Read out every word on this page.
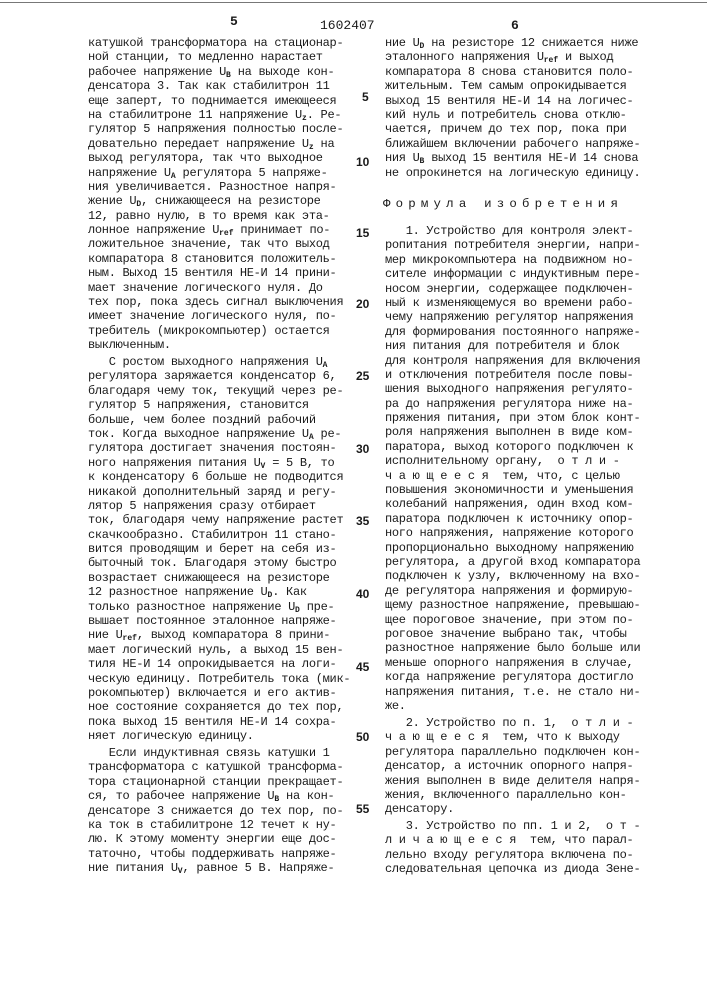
5	1602407	6
катушкой трансформатора на стационар-
ной станции, то медленно нарастает
рабочее напряжение UB на выходе кон-
денсатора 3. Так как стабилитрон 11
еще заперт, то поднимается имеющееся
на стабилитроне 11 напряжение Uz. Ре-
гулятор 5 напряжения полностью после-
довательно передает напряжение Uz на
выход регулятора, так что выходное
напряжение UA регулятора 5 напряже-
ния увеличивается. Разностное напря-
жение UD, снижающееся на резисторе
12, равно нулю, в то время как эта-
лонное напряжение Uref принимает по-
ложительное значение, так что выход
компаратора 8 становится положитель-
ным. Выход 15 вентиля НЕ-И 14 прини-
мает значение логического нуля. До
тех пор, пока здесь сигнал выключения
имеет значение логического нуля, по-
требитель (микрокомпьютер) остается
выключенным.
С ростом выходного напряжения UA
регулятора заряжается конденсатор 6,
благодаря чему ток, текущий через ре-
гулятор 5 напряжения, становится
больше, чем более поздний рабочий
ток. Когда выходное напряжение UA ре-
гулятора достигает значения постоян-
ного напряжения питания UV = 5 В, то
к конденсатору 6 больше не подводится
никакой дополнительный заряд и регу-
лятор 5 напряжения сразу отбирает
ток, благодаря чему напряжение растет
скачкообразно. Стабилитрон 11 стано-
вится проводящим и берет на себя из-
быточный ток. Благодаря этому быстро
возрастает снижающееся на резисторе
12 разностное напряжение UD. Как
только разностное напряжение UD пре-
вышает постоянное эталонное напряже-
ние Uref, выход компаратора 8 прини-
мает логический нуль, а выход 15 вен-
тиля НЕ-И 14 опрокидывается на логи-
ческую единицу. Потребитель тока (мик-
рокомпьютер) включается и его актив-
ное состояние сохраняется до тех пор,
пока выход 15 вентиля НЕ-И 14 сохра-
няет логическую единицу.
Если индуктивная связь катушки 1
трансформатора с катушкой трансформа-
тора стационарной станции прекращает-
ся, то рабочее напряжение UB на кон-
денсаторе 3 снижается до тех пор, по-
ка ток в стабилитроне 12 течет к ну-
лю. К этому моменту энергии еще дос-
таточно, чтобы поддерживать напряже-
ние питания UV, равное 5 В. Напряже-
ние UD на резисторе 12 снижается ниже
эталонного напряжения Uref и выход
компаратора 8 снова становится поло-
жительным. Тем самым опрокидывается
выход 15 вентиля НЕ-И 14 на логичес-
кий нуль и потребитель снова отклю-
чается, причем до тех пор, пока при
ближайшем включении рабочего напряже-
ния UB выход 15 вентиля НЕ-И 14 снова
не опрокинется на логическую единицу.
Формула изобретения
1. Устройство для контроля элект-
ропитания потребителя энергии, напри-
мер микрокомпьютера на подвижном но-
сителе информации с индуктивным пере-
носом энергии, содержащее подключен-
ный к изменяющемуся во времени рабо-
чему напряжению регулятор напряжения
для формирования постоянного напряже-
ния питания для потребителя и блок
для контроля напряжения для включения
и отключения потребителя после повы-
шения выходного напряжения регулято-
ра до напряжения регулятора ниже на-
пряжения питания, при этом блок конт-
роля напряжения выполнен в виде ком-
паратора, выход которого подключен к
исполнительному органу,  о т л и -
ч а ю щ е е с я  тем, что, с целью
повышения экономичности и уменьшения
колебаний напряжения, один вход ком-
паратора подключен к источнику опор-
ного напряжения, напряжение которого
пропорционально выходному напряжению
регулятора, а другой вход компаратора
подключен к узлу, включенному на вхо-
де регулятора напряжения и формирую-
щему разностное напряжение, превышаю-
щее пороговое значение, при этом по-
роговое значение выбрано так, чтобы
разностное напряжение было больше или
меньше опорного напряжения в случае,
когда напряжение регулятора достигло
напряжения питания, т.е. не стало ни-
же.
2. Устройство по п. 1,  о т л и -
ч а ю щ е е с я  тем, что к выходу
регулятора параллельно подключен кон-
денсатор, а источник опорного напря-
жения выполнен в виде делителя напря-
жения, включенного параллельно кон-
денсатору.
3. Устройство по пп. 1 и 2,  о т -
л и ч а ю щ е е с я  тем, что парал-
лельно входу регулятора включена по-
следовательная цепочка из диода Зене-
5
10
15
20
25
30
35
40
45
50
55
